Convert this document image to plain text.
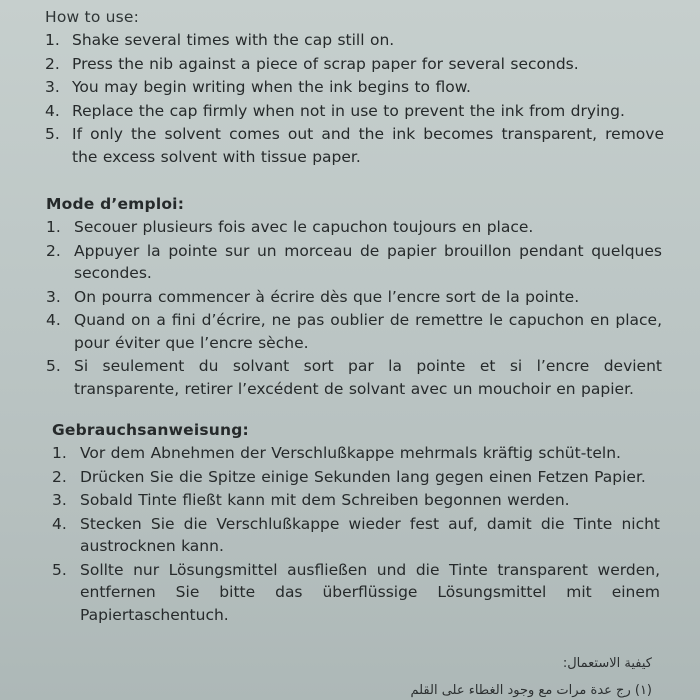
How to use:
1. Shake several times with the cap still on.
2. Press the nib against a piece of scrap paper for several seconds.
3. You may begin writing when the ink begins to flow.
4. Replace the cap firmly when not in use to prevent the ink from drying.
5. If only the solvent comes out and the ink becomes transparent, remove the excess solvent with tissue paper.
Mode d’emploi:
1. Secouer plusieurs fois avec le capuchon toujours en place.
2. Appuyer la pointe sur un morceau de papier brouillon pendant quelques secondes.
3. On pourra commencer à écrire dès que l’encre sort de la pointe.
4. Quand on a fini d’écrire, ne pas oublier de remettre le capuchon en place, pour éviter que l’encre sèche.
5. Si seulement du solvant sort par la pointe et si l’encre devient transparente, retirer l’excédent de solvant avec un mouchoir en papier.
Gebrauchsanweisung:
1. Vor dem Abnehmen der Verschlußkappe mehrmals kräftig schüt-teln.
2. Drücken Sie die Spitze einige Sekunden lang gegen einen Fetzen Papier.
3. Sobald Tinte fließt kann mit dem Schreiben begonnen werden.
4. Stecken Sie die Verschlußkappe wieder fest auf, damit die Tinte nicht austrocknen kann.
5. Sollte nur Lösungsmittel ausfließen und die Tinte transparent werden, entfernen Sie bitte das überflüssige Lösungsmittel mit einem Papiertaschentuch.
كيفية الاستعمال:
(١) رج عدة مرات مع وجود الغطاء على القلم
